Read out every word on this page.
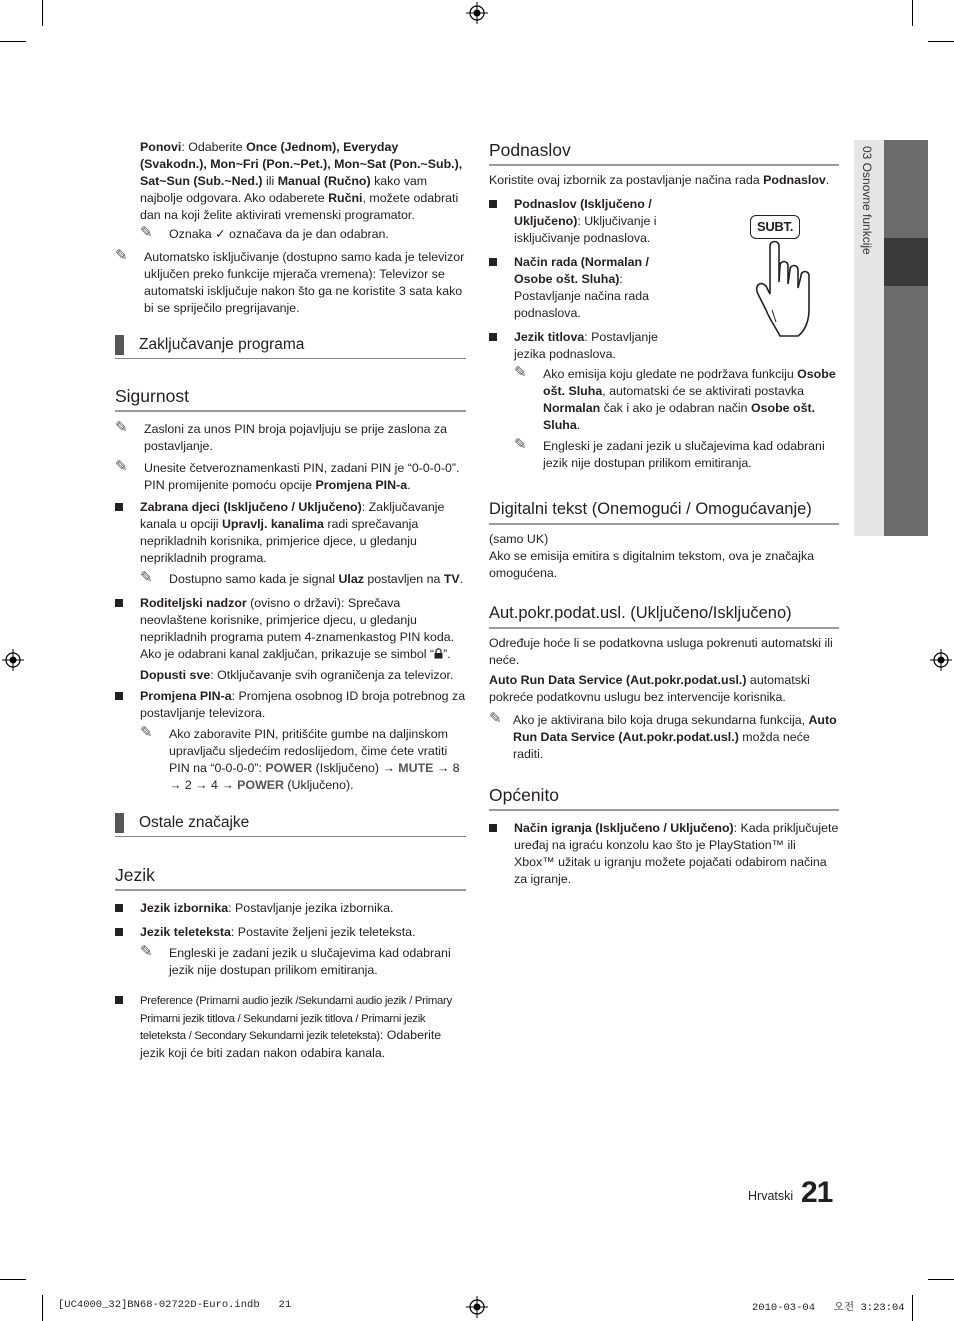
03 Osnovne funkcije
Ponovi: Odaberite Once (Jednom), Everyday (Svakodn.), Mon~Fri (Pon.~Pet.), Mon~Sat (Pon.~Sub.), Sat~Sun (Sub.~Ned.) ili Manual (Ručno) kako vam najbolje odgovara. Ako odaberete Ručni, možete odabrati dan na koji želite aktivirati vremenski programator.
✎ Oznaka ✓ označava da je dan odabran.
✎ Automatsko isključivanje (dostupno samo kada je televizor uključen preko funkcije mjerača vremena): Televizor se automatski isključuje nakon što ga ne koristite 3 sata kako bi se spriječilo pregrijavanje.
Zaključavanje programa
Sigurnost
✎ Zasloni za unos PIN broja pojavljuju se prije zaslona za postavljanje.
✎ Unesite četveroznamenkasti PIN, zadani PIN je “0-0-0-0”. PIN promijenite pomoću opcije Promjena PIN-a.
Zabrana djeci (Isključeno / Uključeno): Zaključavanje kanala u opciji Upravlj. kanalima radi sprečavanja neprikladnih korisnika, primjerice djece, u gledanju neprikladnih programa.
✎ Dostupno samo kada je signal Ulaz postavljen na TV.
Roditeljski nadzor (ovisno o državi): Sprečava neovlaštene korisnike, primjerice djecu, u gledanju neprikladnih programa putem 4-znamenkastog PIN koda. Ako je odabrani kanal zaključan, prikazuje se simbol “ ”.
Dopusti sve: Otključavanje svih ograničenja za televizor.
Promjena PIN-a: Promjena osobnog ID broja potrebnog za postavljanje televizora.
✎ Ako zaboravite PIN, pritišćite gumbe na daljinskom upravljaču sljedećim redoslijedom, čime ćete vratiti PIN na “0-0-0-0”: POWER (Isključeno) → MUTE → 8 → 2 → 4 → POWER (Uključeno).
Ostale značajke
Jezik
Jezik izbornika: Postavljanje jezika izbornika.
Jezik teleteksta: Postavite željeni jezik teleteksta.
✎ Engleski je zadani jezik u slučajevima kad odabrani jezik nije dostupan prilikom emitiranja.
Preference (Primarni audio jezik /Sekundarni audio jezik / Primary Primarni jezik titlova / Sekundarni jezik titlova / Primarni jezik teleteksta / Secondary Sekundarni jezik teleteksta): Odaberite jezik koji će biti zadan nakon odabira kanala.
Podnaslov
Koristite ovaj izbornik za postavljanje načina rada Podnaslov.
Podnaslov (Isključeno / Uključeno): Uključivanje i isključivanje podnaslova.
Način rada (Normalan / Osobe ošt. Sluha): Postavljanje načina rada podnaslova.
Jezik titlova: Postavljanje jezika podnaslova.
✎ Ako emisija koju gledate ne podržava funkciju Osobe ošt. Sluha, automatski će se aktivirati postavka Normalan čak i ako je odabran način Osobe ošt. Sluha.
✎ Engleski je zadani jezik u slučajevima kad odabrani jezik nije dostupan prilikom emitiranja.
Digitalni tekst (Onemogući / Omogućavanje)
(samo UK)
Ako se emisija emitira s digitalnim tekstom, ova je značajka omogućena.
Aut.pokr.podat.usl. (Uključeno/Isključeno)
Određuje hoće li se podatkovna usluga pokrenuti automatski ili neće.
Auto Run Data Service (Aut.pokr.podat.usl.) automatski pokreće podatkovnu uslugu bez intervencije korisnika.
✎ Ako je aktivirana bilo koja druga sekundarna funkcija, Auto Run Data Service (Aut.pokr.podat.usl.) možda neće raditi.
Općenito
Način igranja (Isključeno / Uključeno): Kada priključujete uređaj na igraću konzolu kao što je PlayStation™ ili Xbox™ užitak u igranju možete pojačati odabirom načina za igranje.
SUBT.
Hrvatski 21
[UC4000_32]BN68-02722D-Euro.indb   21	2010-03-04   오전 3:23:04
